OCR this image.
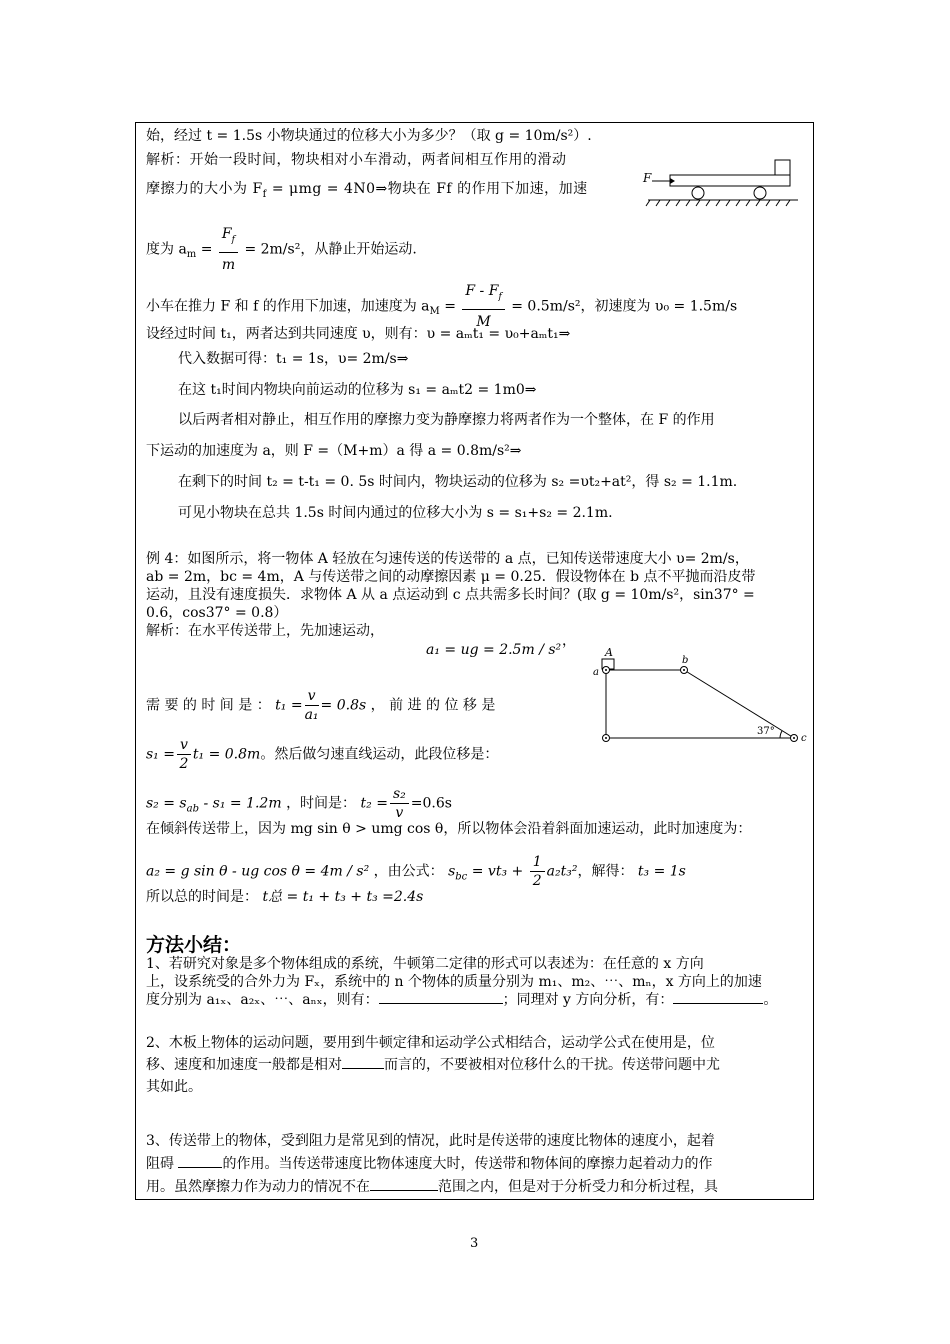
始，经过 t = 1.5s 小物块通过的位移大小为多少？（取 g = 10m/s²）.
解析：开始一段时间，物块相对小车滑动，两者间相互作用的滑动
摩擦力的大小为 $F_f = \mu mg$ = 4N0⇒物块在 Ff 的作用下加速，加速
度为 $a_m = \frac{F_f}{m} = 2m/s^2$，从静止开始运动.
小车在推力 F 和 f 的作用下加速，加速度为 $a_M = \frac{F - F_f}{M} = 0.5m/s^2$，初速度为 υ₀ = 1.5m/s
设经过时间 t₁，两者达到共同速度 υ，则有：υ = aₘt₁ = υ₀+aₘt₁⇒
代入数据可得：t₁ = 1s，υ= 2m/s⇒
在这 t₁时间内物块向前运动的位移为 s₁ = aₘt2 = 1m0⇒
以后两者相对静止，相互作用的摩擦力变为静摩擦力将两者作为一个整体，在 F 的作用
下运动的加速度为 a，则 F =（M+m）a 得 a = 0.8m/s²⇒
在剩下的时间 t₂ = t-t₁ = 0. 5s 时间内，物块运动的位移为 s₂ =υt₂+at²，得 s₂ = 1.1m.
可见小物块在总共 1.5s 时间内通过的位移大小为 s = s₁+s₂ = 2.1m.
F
例 4：如图所示，将一物体 A 轻放在匀速传送的传送带的 a 点，已知传送带速度大小 υ= 2m/s，
ab = 2m，bc = 4m，A 与传送带之间的动摩擦因素 μ = 0.25．假设物体在 b 点不平抛而沿皮带
运动，且没有速度损失．求物体 A 从 a 点运动到 c 点共需多长时间？(取 g = 10m/s²，sin37° =
0.6，cos37° = 0.8）
解析：在水平传送带上，先加速运动，
a₁ = ug = 2.5m / s²
，
需 要 的 时 间 是 ： $t_1 = \frac{v}{\text{a₁}} = 0.8s$ ， 前 进 的 位 移 是
$s_1 = \frac{v}{2} t_1 = 0.8m$。然后做匀速直线运动，此段位移是：
$s_2 = s_{ab} - s_1 = 1.2m$ ，时间是： $t_2 = \frac{\text{s₂}}{v} =0.6s$
在倾斜传送带上，因为 mg sin θ > umg cos θ，所以物体会沿着斜面加速运动，此时加速度为：
a₂ = g sin θ - ug cos θ = 4m / s² ，由公式： $s_{bc} = vt_3 + \frac{1}{2} a_2t_3^2$，解得： t₃ = 1s
所以总的时间是： t总 = t₁ + t₃ + t₃ =2.4s
A
a
b
c
37°
方法小结：
1、若研究对象是多个物体组成的系统，牛顿第二定律的形式可以表述为：在任意的 x 方向
上，设系统受的合外力为 Fₓ，系统中的 n 个物体的质量分别为 m₁、m₂、⋯、mₙ，x 方向上的加速
度分别为 a₁ₓ、a₂ₓ、⋯、aₙₓ，则有：	；同理对 y 方向分析，有：	。
2、木板上物体的运动问题，要用到牛顿定律和运动学公式相结合，运动学公式在使用是，位
移、速度和加速度一般都是相对	而言的，不要被相对位移什么的干扰。传送带问题中尤
其如此。
3、传送带上的物体，受到阻力是常见到的情况，此时是传送带的速度比物体的速度小，起着
阻碍	的作用。当传送带速度比物体速度大时，传送带和物体间的摩擦力起着动力的作
用。虽然摩擦力作为动力的情况不在	范围之内，但是对于分析受力和分析过程，具
3
